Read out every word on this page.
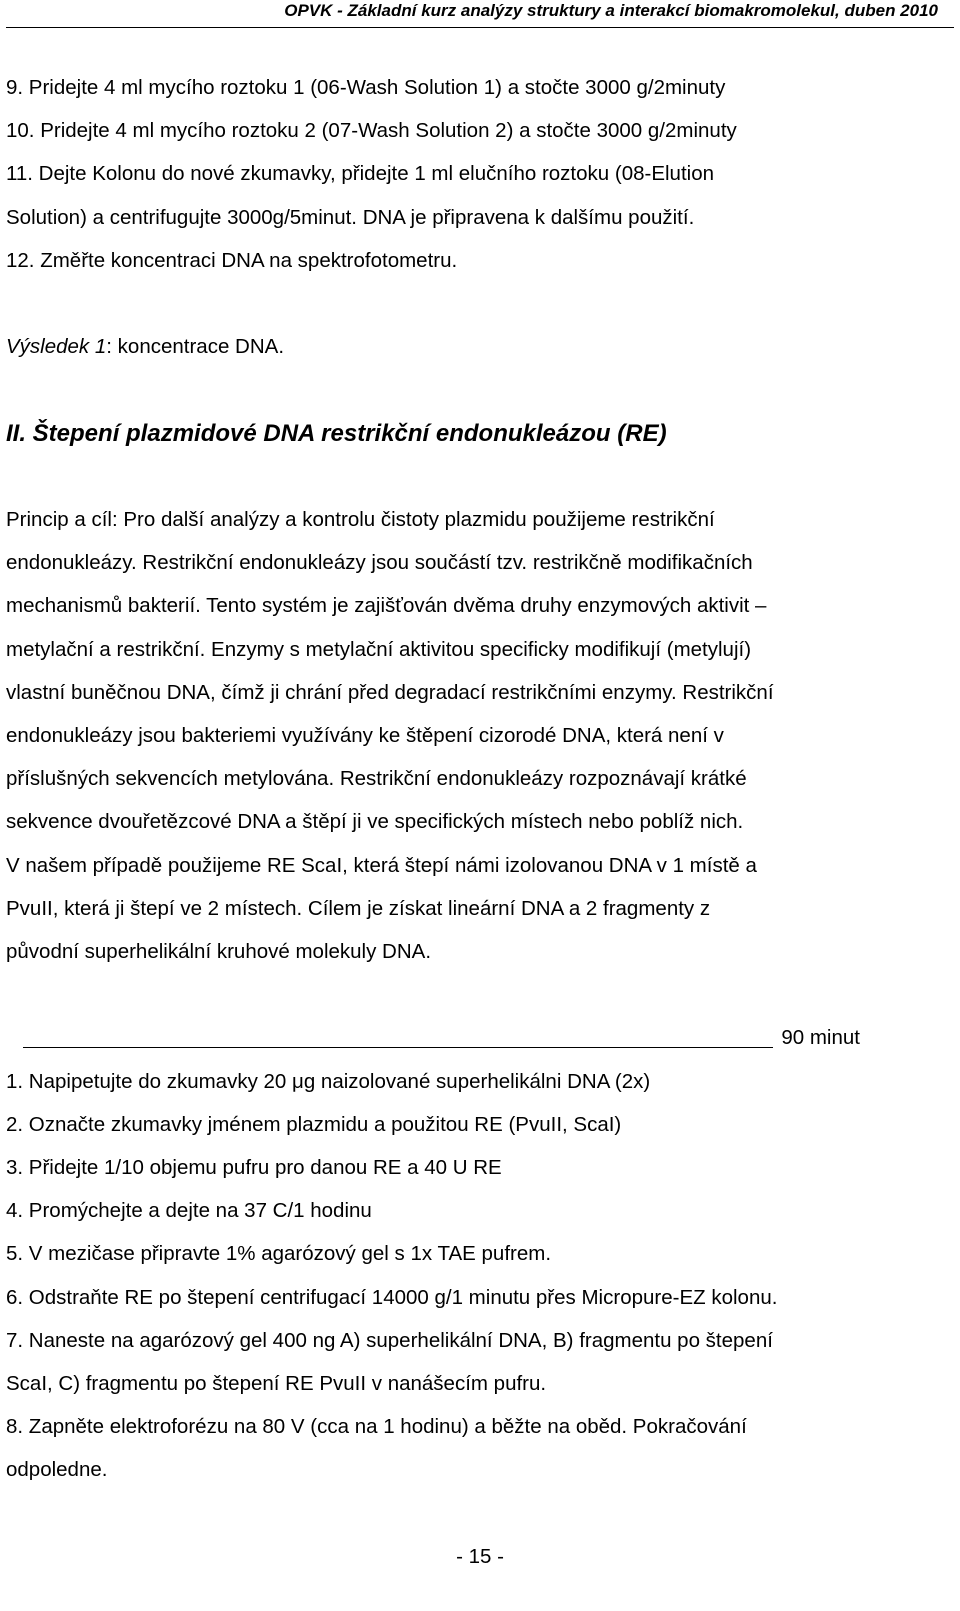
OPVK - Základní kurz analýzy struktury a interakcí biomakromolekul, duben 2010
9. Pridejte 4 ml mycího roztoku 1 (06-Wash Solution 1) a stočte 3000 g/2minuty
10. Pridejte 4 ml mycího roztoku 2 (07-Wash Solution 2) a stočte 3000 g/2minuty
11. Dejte Kolonu do nové zkumavky, přidejte 1 ml elučního roztoku (08-Elution
Solution) a centrifugujte 3000g/5minut. DNA je připravena k dalšímu použití.
12. Změřte koncentraci DNA na spektrofotometru.
Výsledek 1: koncentrace DNA.
II. Štepení plazmidové DNA restrikční endonukleázou (RE)
Princip a cíl: Pro další analýzy a kontrolu čistoty plazmidu použijeme restrikční
endonukleázy. Restrikční endonukleázy jsou součástí tzv. restrikčně modifikačních
mechanismů bakterií. Tento systém je zajišťován dvěma druhy enzymových aktivit –
metylační a restrikční. Enzymy s metylační aktivitou specificky modifikují (metylují)
vlastní buněčnou DNA, čímž ji chrání před degradací restrikčními enzymy. Restrikční
endonukleázy jsou bakteriemi využívány ke štěpení cizorodé DNA, která není v
příslušných sekvencích metylována. Restrikční endonukleázy rozpoznávají krátké
sekvence dvouřetězcové DNA a štěpí ji ve specifických místech nebo poblíž nich.
V našem případě použijeme RE ScaI, která štepí námi izolovanou DNA v 1 místě a
PvuII, která ji štepí ve 2 místech. Cílem je získat lineární DNA a 2 fragmenty z
původní superhelikální kruhové molekuly DNA.
90 minut
1. Napipetujte do zkumavky 20 μg naizolované superhelikálni DNA (2x)
2. Označte zkumavky jménem plazmidu a použitou RE (PvuII, ScaI)
3. Přidejte 1/10 objemu pufru pro danou RE a 40 U RE
4. Promýchejte a dejte na 37 C/1 hodinu
5. V mezičase připravte 1% agarózový gel s 1x TAE pufrem.
6. Odstraňte RE po štepení centrifugací 14000 g/1 minutu přes Micropure-EZ kolonu.
7. Naneste na agarózový gel 400 ng A) superhelikální DNA, B) fragmentu po štepení
ScaI, C) fragmentu po štepení RE PvuII v nanášecím pufru.
8. Zapněte elektroforézu na 80 V (cca na 1 hodinu) a běžte na oběd. Pokračování
odpoledne.
- 15 -
